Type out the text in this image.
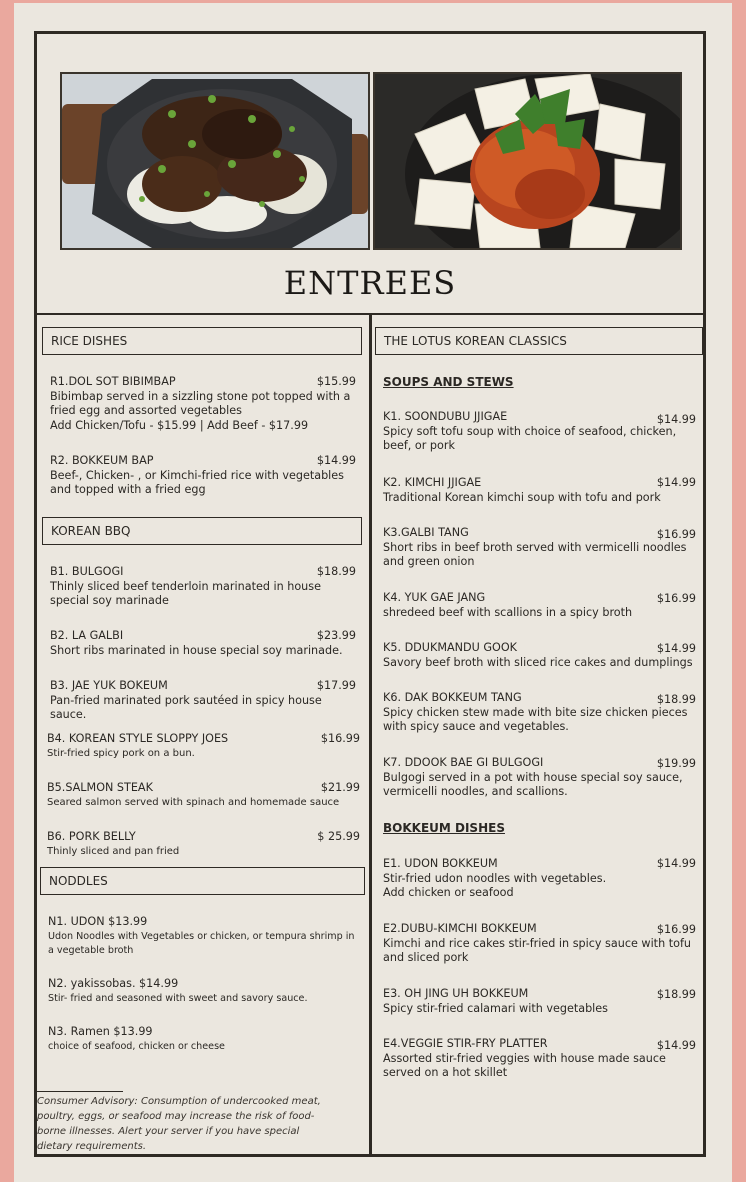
ENTREES
RICE DISHES
R1.DOL SOT BIBIMBAP	$15.99
Bibimbap served in a sizzling stone pot topped with a fried egg and assorted vegetables
Add Chicken/Tofu - $15.99 | Add Beef - $17.99
R2. BOKKEUM BAP	$14.99
Beef-, Chicken- , or Kimchi-fried rice with vegetables and topped with a fried egg
KOREAN BBQ
B1. BULGOGI	$18.99
Thinly sliced beef tenderloin marinated in house special soy marinade
B2. LA GALBI	$23.99
Short ribs marinated in house special soy marinade.
B3. JAE YUK BOKEUM	$17.99
Pan-fried marinated pork sautéed in spicy house sauce.
B4. KOREAN STYLE SLOPPY JOES	$16.99
Stir-fried spicy pork on a bun.
B5.SALMON STEAK	$21.99
Seared salmon served with spinach and homemade sauce
B6. PORK BELLY	$ 25.99
Thinly sliced and pan fried
NODDLES
N1. UDON $13.99
Udon Noodles with Vegetables or chicken, or tempura shrimp in a vegetable broth
N2. yakissobas. $14.99
Stir- fried and seasoned with sweet and savory sauce.
N3. Ramen $13.99
choice of seafood, chicken or cheese
Consumer Advisory: Consumption of undercooked meat, poultry, eggs, or seafood may increase the risk of food-borne illnesses. Alert your server if you have special dietary requirements.
THE LOTUS KOREAN CLASSICS
SOUPS AND STEWS
K1. SOONDUBU JJIGAE	$14.99
Spicy soft tofu soup with choice of seafood, chicken, beef, or pork
K2. KIMCHI JJIGAE	$14.99
Traditional Korean kimchi soup with tofu and pork
K3.GALBI TANG	$16.99
Short ribs in beef broth served with vermicelli noodles and green onion
K4. YUK GAE JANG	$16.99
shredeed beef with scallions in a spicy broth
K5. DDUKMANDU GOOK	$14.99
Savory beef broth with sliced rice cakes and dumplings
K6. DAK BOKKEUM TANG	$18.99
Spicy chicken stew made with bite size chicken pieces with spicy sauce and vegetables.
K7. DDOOK BAE GI BULGOGI	$19.99
Bulgogi served in a pot with house special soy sauce, vermicelli noodles, and scallions.
BOKKEUM DISHES
E1. UDON BOKKEUM	$14.99
Stir-fried udon noodles with vegetables.
Add chicken or seafood
E2.DUBU-KIMCHI BOKKEUM	$16.99
Kimchi and rice cakes stir-fried in spicy sauce with tofu and sliced pork
E3. OH JING UH BOKKEUM	$18.99
Spicy stir-fried calamari with vegetables
E4.VEGGIE STIR-FRY PLATTER	$14.99
Assorted stir-fried veggies with house made sauce served on a hot skillet
